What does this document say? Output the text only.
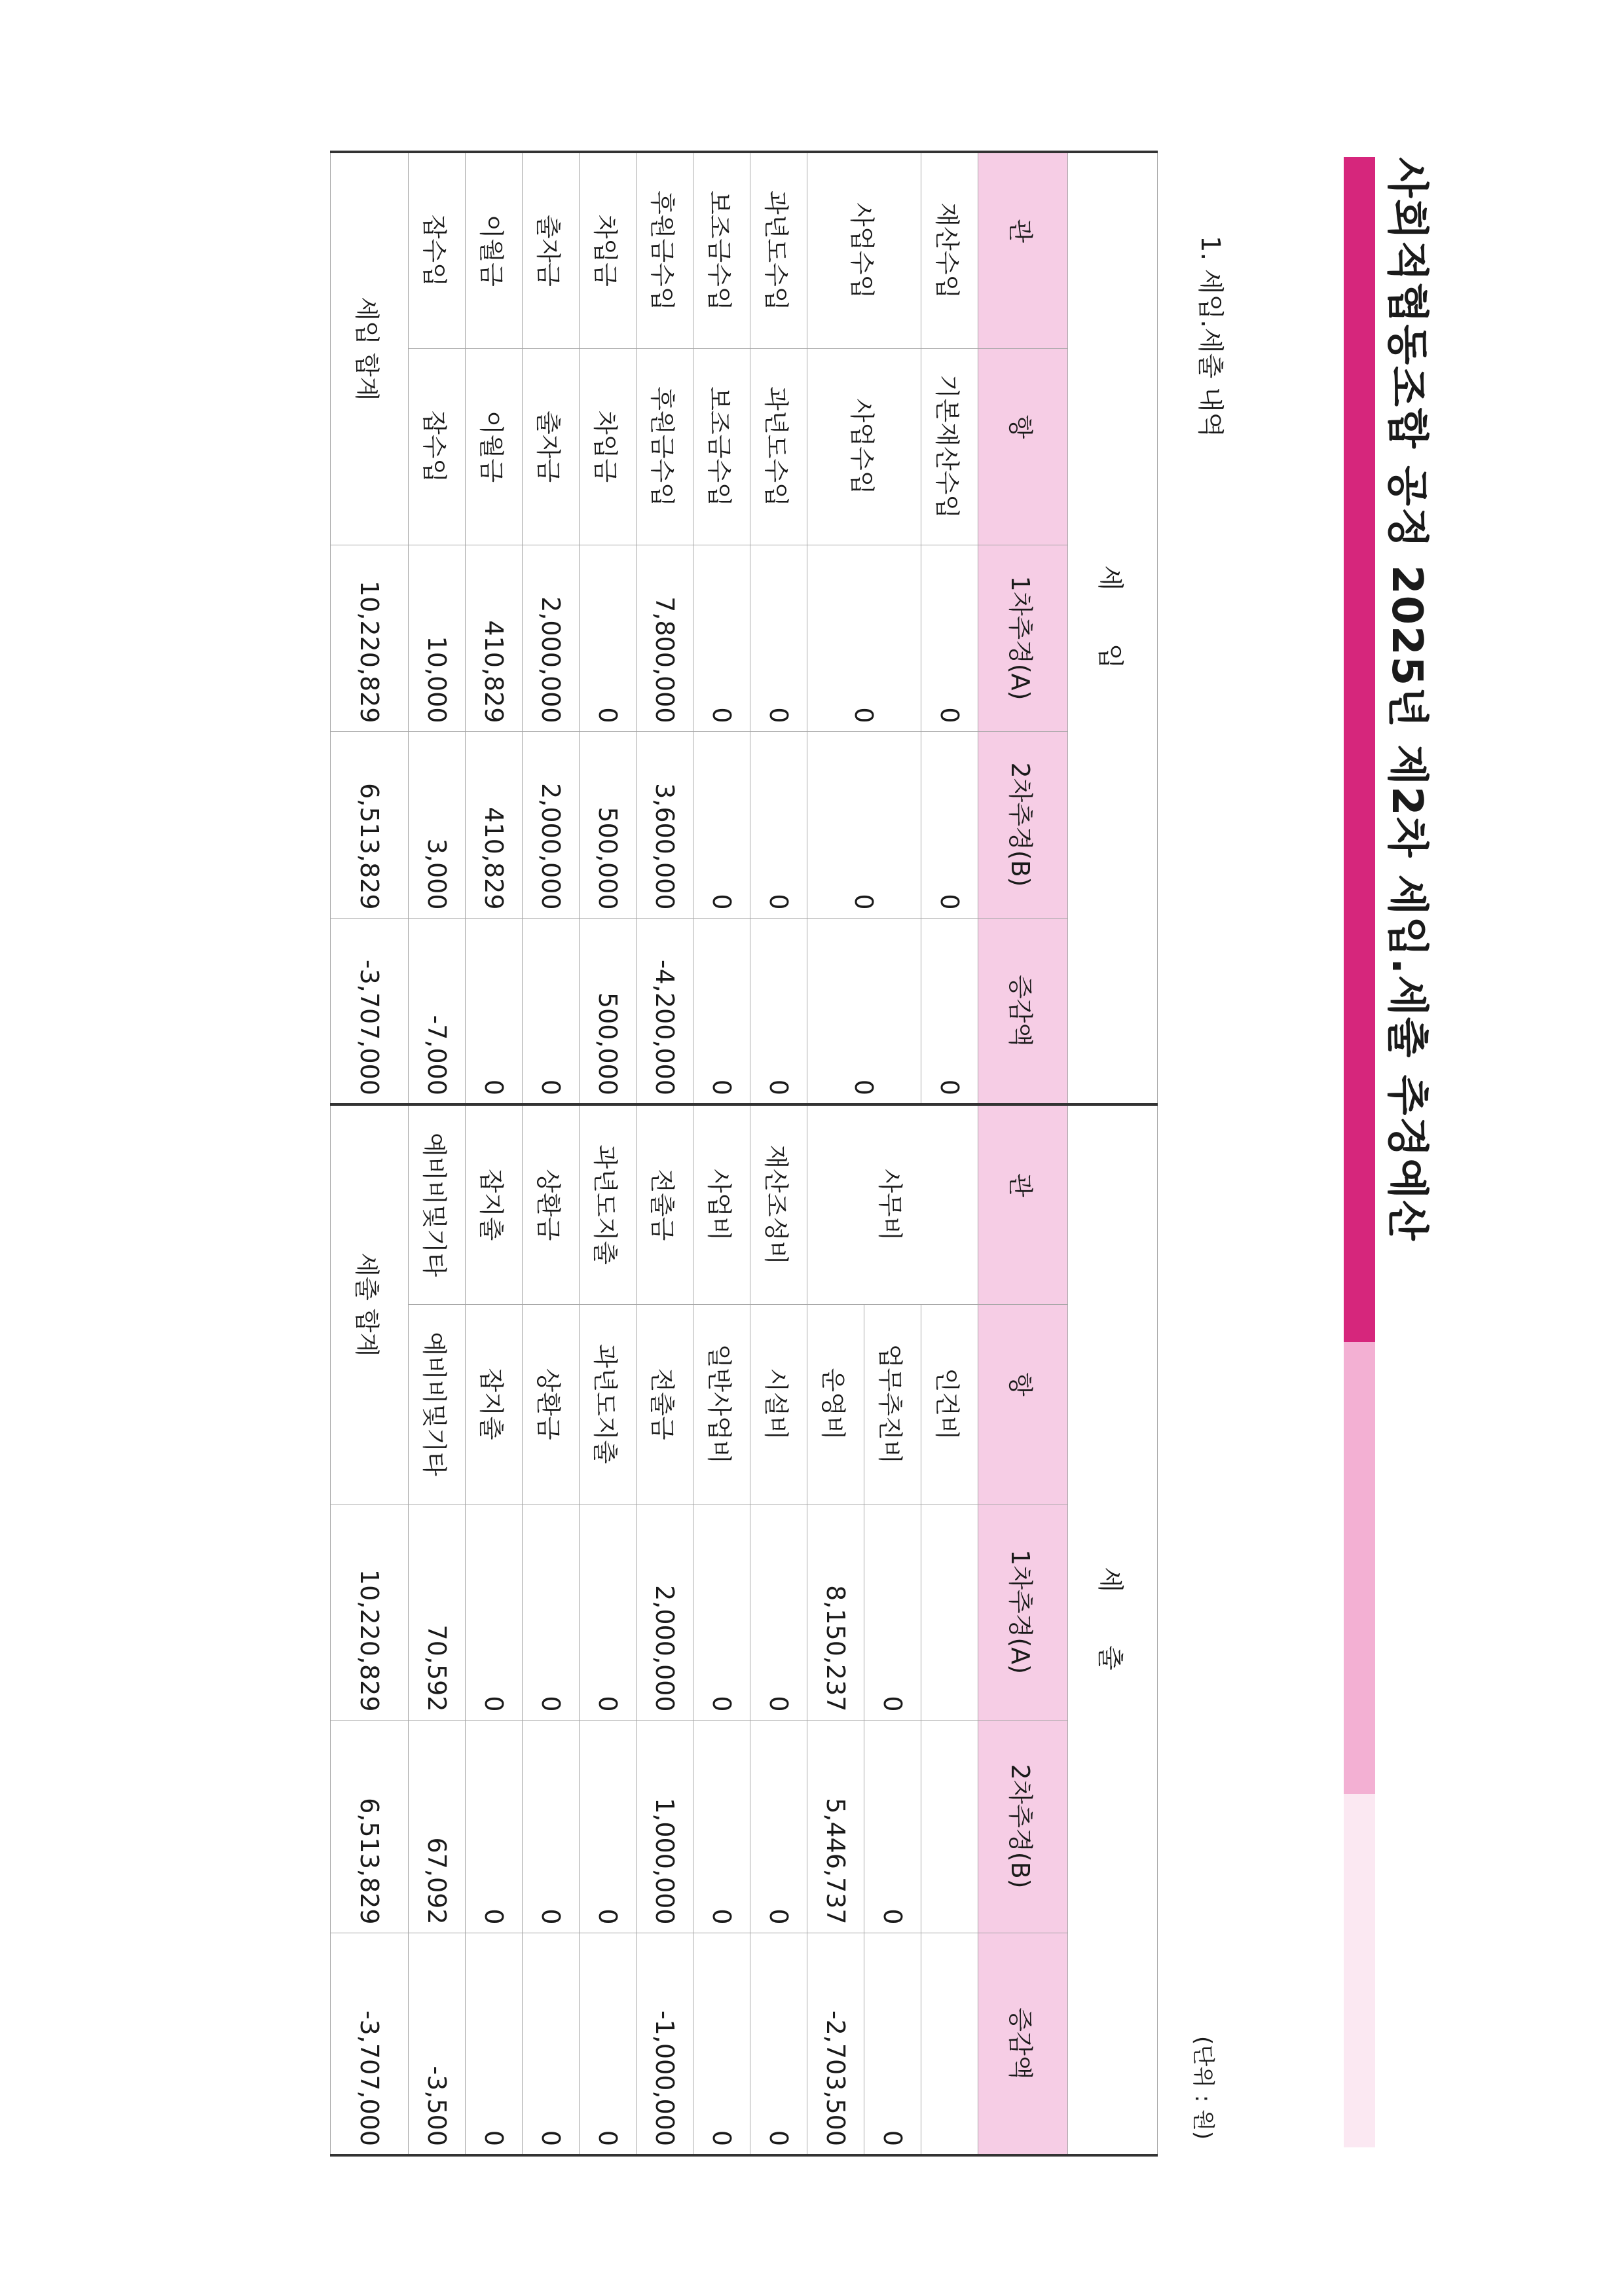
사회적협동조합 공정 2025년 제2차 세입.세출 추경예산
1. 세입.세출 내역
(단위 : 원)
세 입					세 출				
관	항	1차추경(A)	2차추경(B)	증감액	관	항	1차추경(A)	2차추경(B)	증감액
재산수입	기본재산수입	0	0	0	사무비	인건비			
사업수입	사업수입	0	0	0		업무추진비	0	0	0
						운영비	8,150,237	5,446,737	-2,703,500
과년도수입	과년도수입	0	0	0	재산조성비	시설비	0	0	0
보조금수입	보조금수입	0	0	0	사업비	일반사업비	0	0	0
후원금수입	후원금수입	7,800,000	3,600,000	-4,200,000	전출금	전출금	2,000,000	1,000,000	-1,000,000
차입금	차입금	0	500,000	500,000	과년도지출	과년도지출	0	0	0
출자금	출자금	2,000,000	2,000,000	0	상환금	상환금	0	0	0
이월금	이월금	410,829	410,829	0	잡지출	잡지출	0	0	0
잡수입	잡수입	10,000	3,000	-7,000	예비비및기타	예비비및기타	70,592	67,092	-3,500
세입 합계		10,220,829	6,513,829	-3,707,000	세출 합계		10,220,829	6,513,829	-3,707,000
